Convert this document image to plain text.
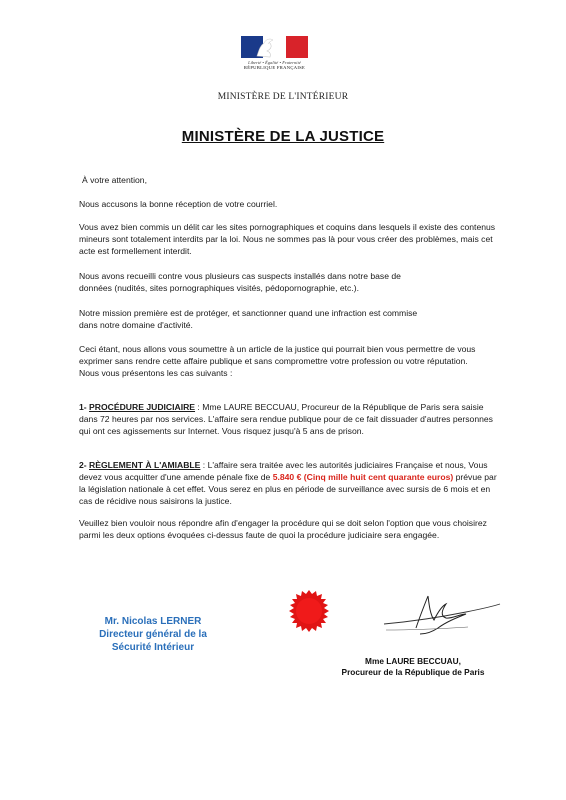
Liberté • Égalité • Fraternité
RÉPUBLIQUE FRANÇAISE
MINISTÈRE DE L'INTÉRIEUR
MINISTÈRE DE LA JUSTICE

À votre attention,

Nous accusons la bonne réception de votre courriel.

Vous avez bien commis un délit car les sites pornographiques et coquins dans lesquels il existe des contenus mineurs sont totalement interdits par la loi. Nous ne sommes pas là pour vous créer des problèmes, mais cet acte est formellement interdit.

Nous avons recueilli contre vous plusieurs cas suspects installés dans notre base de données (nudités, sites pornographiques visités, pédopornographie, etc.).

Notre mission première est de protéger, et sanctionner quand une infraction est commise dans notre domaine d'activité.

Ceci étant, nous allons vous soumettre à un article de la justice qui pourrait bien vous permettre de vous exprimer sans rendre cette affaire publique et sans compromettre votre profession ou votre réputation.

Nous vous présentons les cas suivants :

1- PROCÉDURE JUDICIAIRE : Mme LAURE BECCUAU, Procureur de la République de Paris sera saisie dans 72 heures par nos services. L'affaire sera rendue publique pour de ce fait dissuader d'autres personnes qui ont ces agissements sur Internet. Vous risquez jusqu'à 5 ans de prison.

2- RÈGLEMENT À L'AMIABLE : L'affaire sera traitée avec les autorités judiciaires Française et nous, Vous devez vous acquitter d'une amende pénale fixe de 5.840 € (Cinq mille huit cent quarante euros) prévue par la législation nationale à cet effet. Vous serez en plus en période de surveillance avec sursis de 6 mois et en cas de récidive nous saisirons la justice.

Veuillez bien vouloir nous répondre afin d'engager la procédure qui se doit selon l'option que vous choisirez parmi les deux options évoquées ci-dessus faute de quoi la procédure judiciaire sera engagée.

Mr. Nicolas LERNER
Directeur général de la
Sécurité Intérieur
Mme LAURE BECCUAU,
Procureur de la République de Paris
